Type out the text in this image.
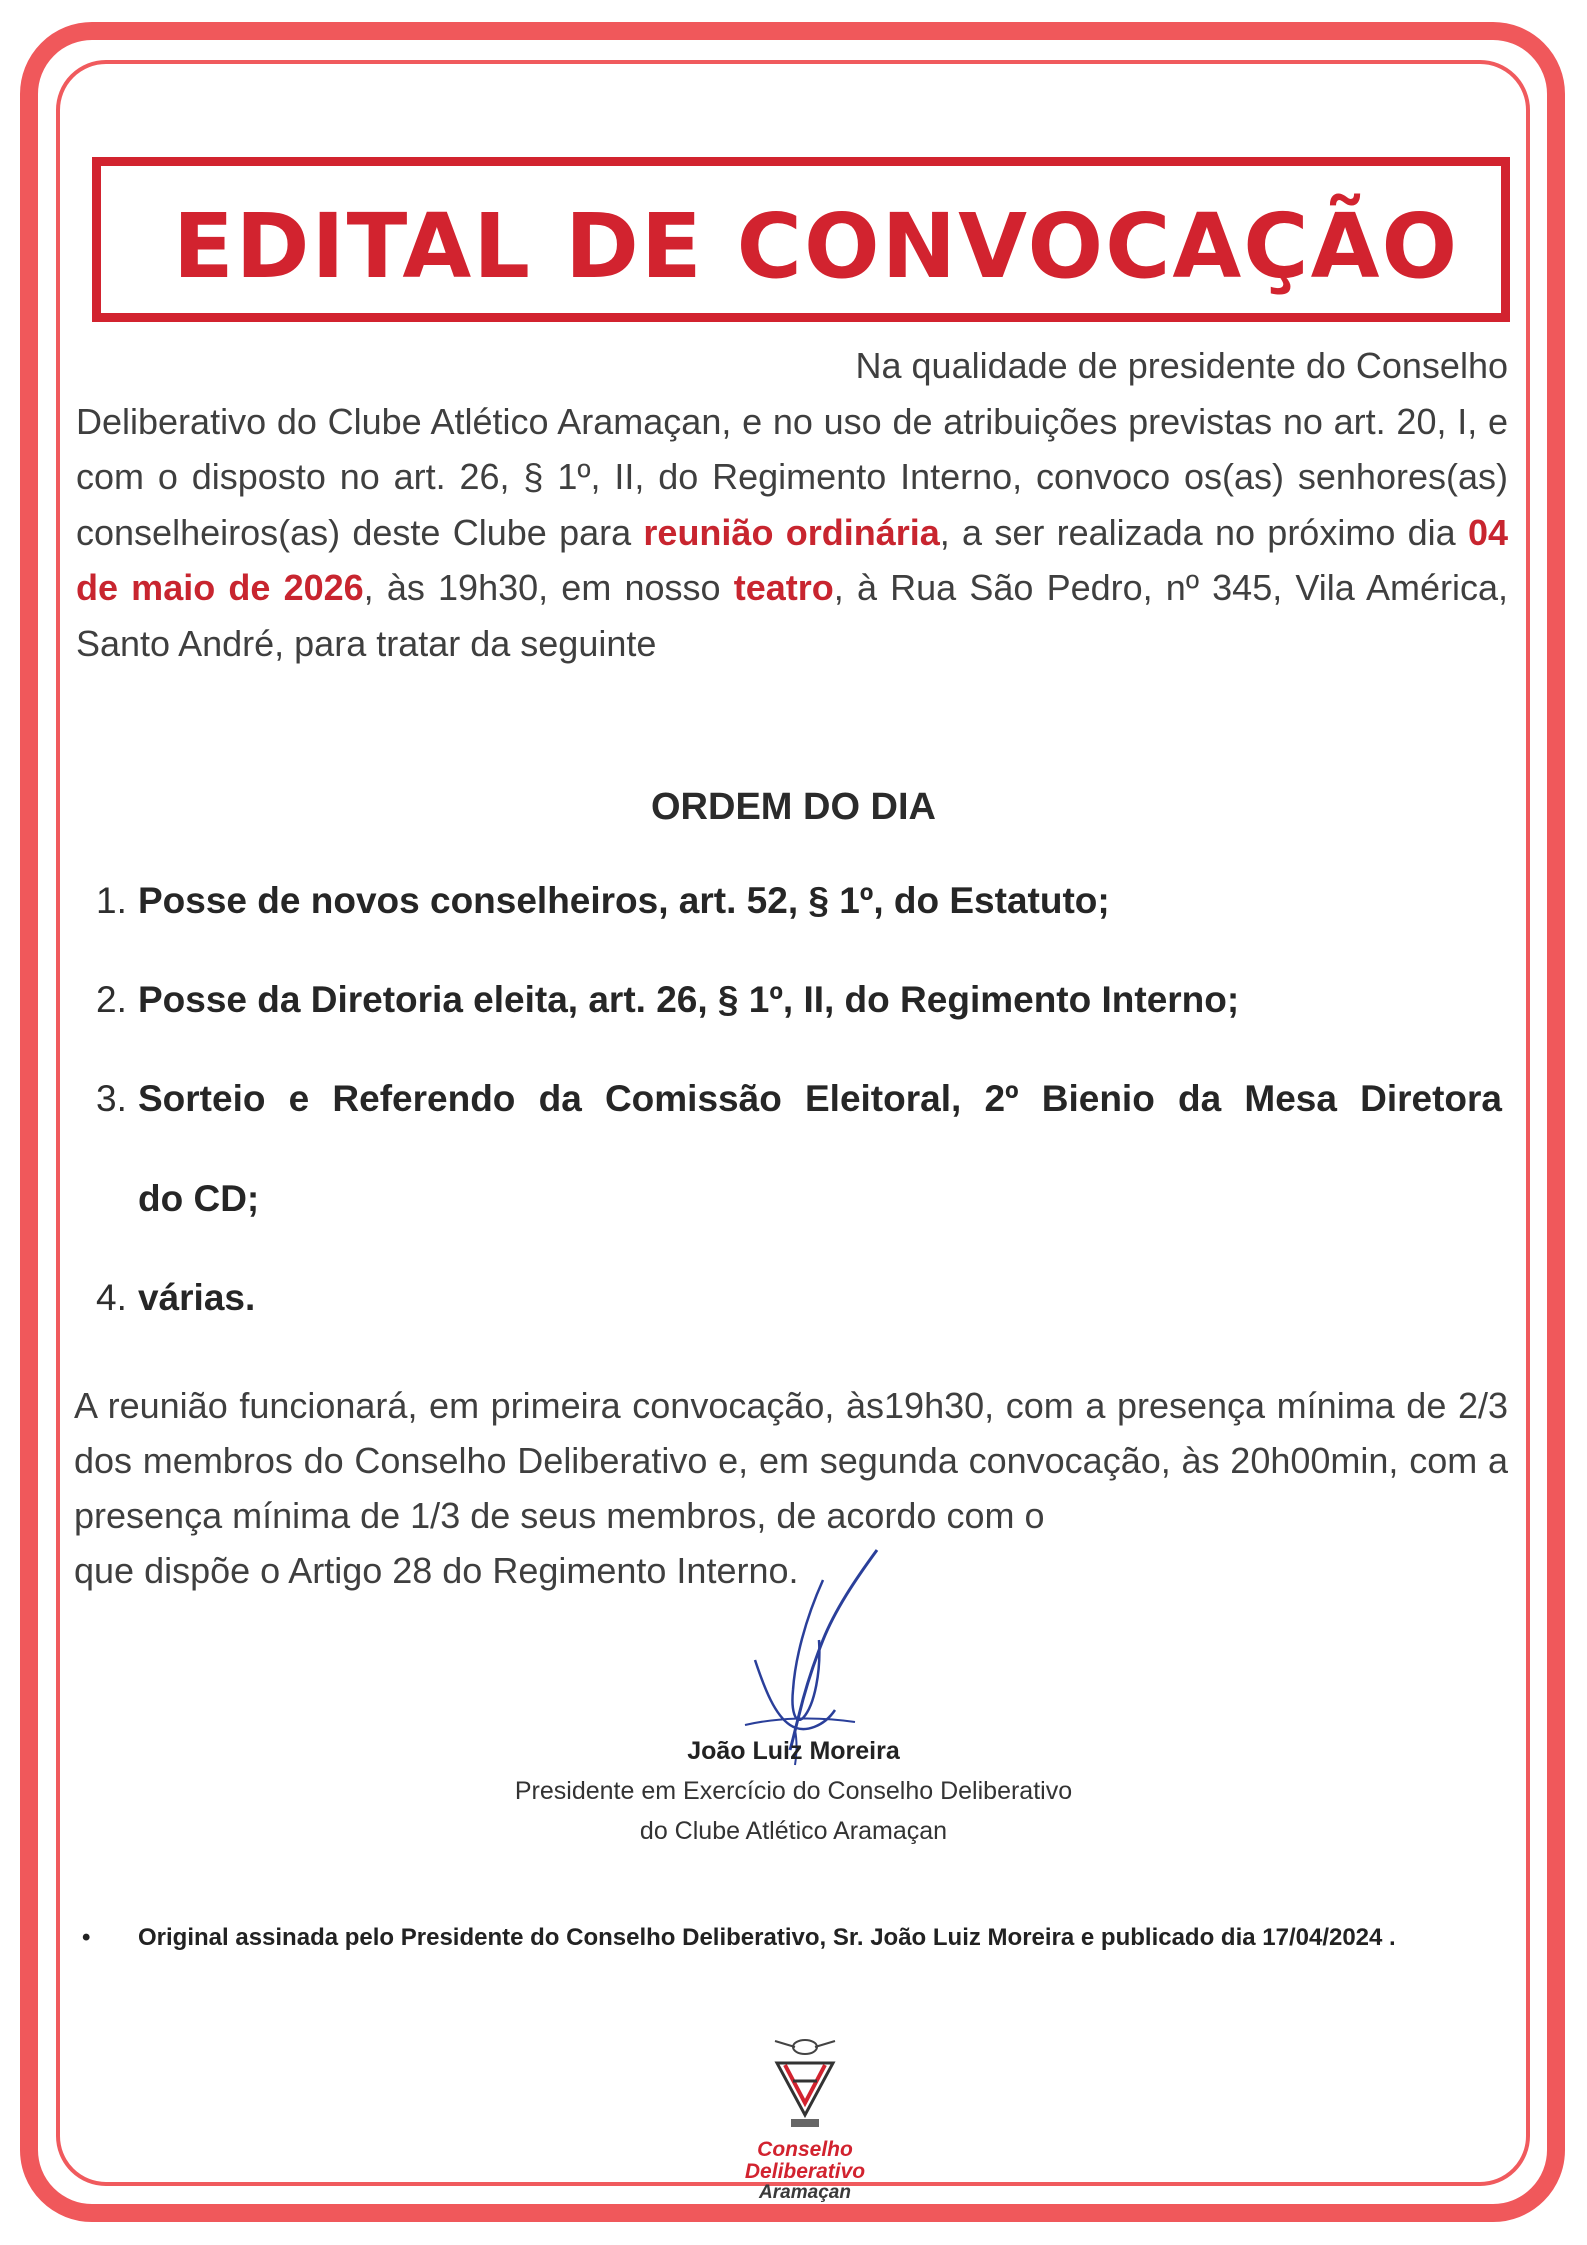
EDITAL DE CONVOCAÇÃO

Na qualidade de presidente do Conselho
Deliberativo do Clube Atlético Aramaçan, e no uso de atribuições previstas no art. 20, I, e com o disposto no art. 26, § 1º, II, do Regimento Interno, convoco os(as) senhores(as) conselheiros(as) deste Clube para reunião ordinária, a ser realizada no próximo dia 04 de maio de 2026, às 19h30, em nosso teatro, à Rua São Pedro, nº 345, Vila América, Santo André, para tratar da seguinte

ORDEM DO DIA
1. Posse de novos conselheiros, art. 52, § 1º, do Estatuto;
2. Posse da Diretoria eleita, art. 26, § 1º, II, do Regimento Interno;
3. Sorteio e Referendo da Comissão Eleitoral, 2º Bienio da Mesa Diretora
do CD;
4. várias.

A reunião funcionará, em primeira convocação, às19h30, com a presença mínima de 2/3 dos membros do Conselho Deliberativo e, em segunda convocação, às 20h00min, com a presença mínima de 1/3 de seus membros, de acordo com o
que dispõe o Artigo 28 do Regimento Interno.

João Luiz Moreira
Presidente em Exercício do Conselho Deliberativo
do Clube Atlético Aramaçan
• Original assinada pelo Presidente do Conselho Deliberativo, Sr. João Luiz Moreira e publicado dia 17/04/2024 .
Conselho
Deliberativo
Aramaçan
